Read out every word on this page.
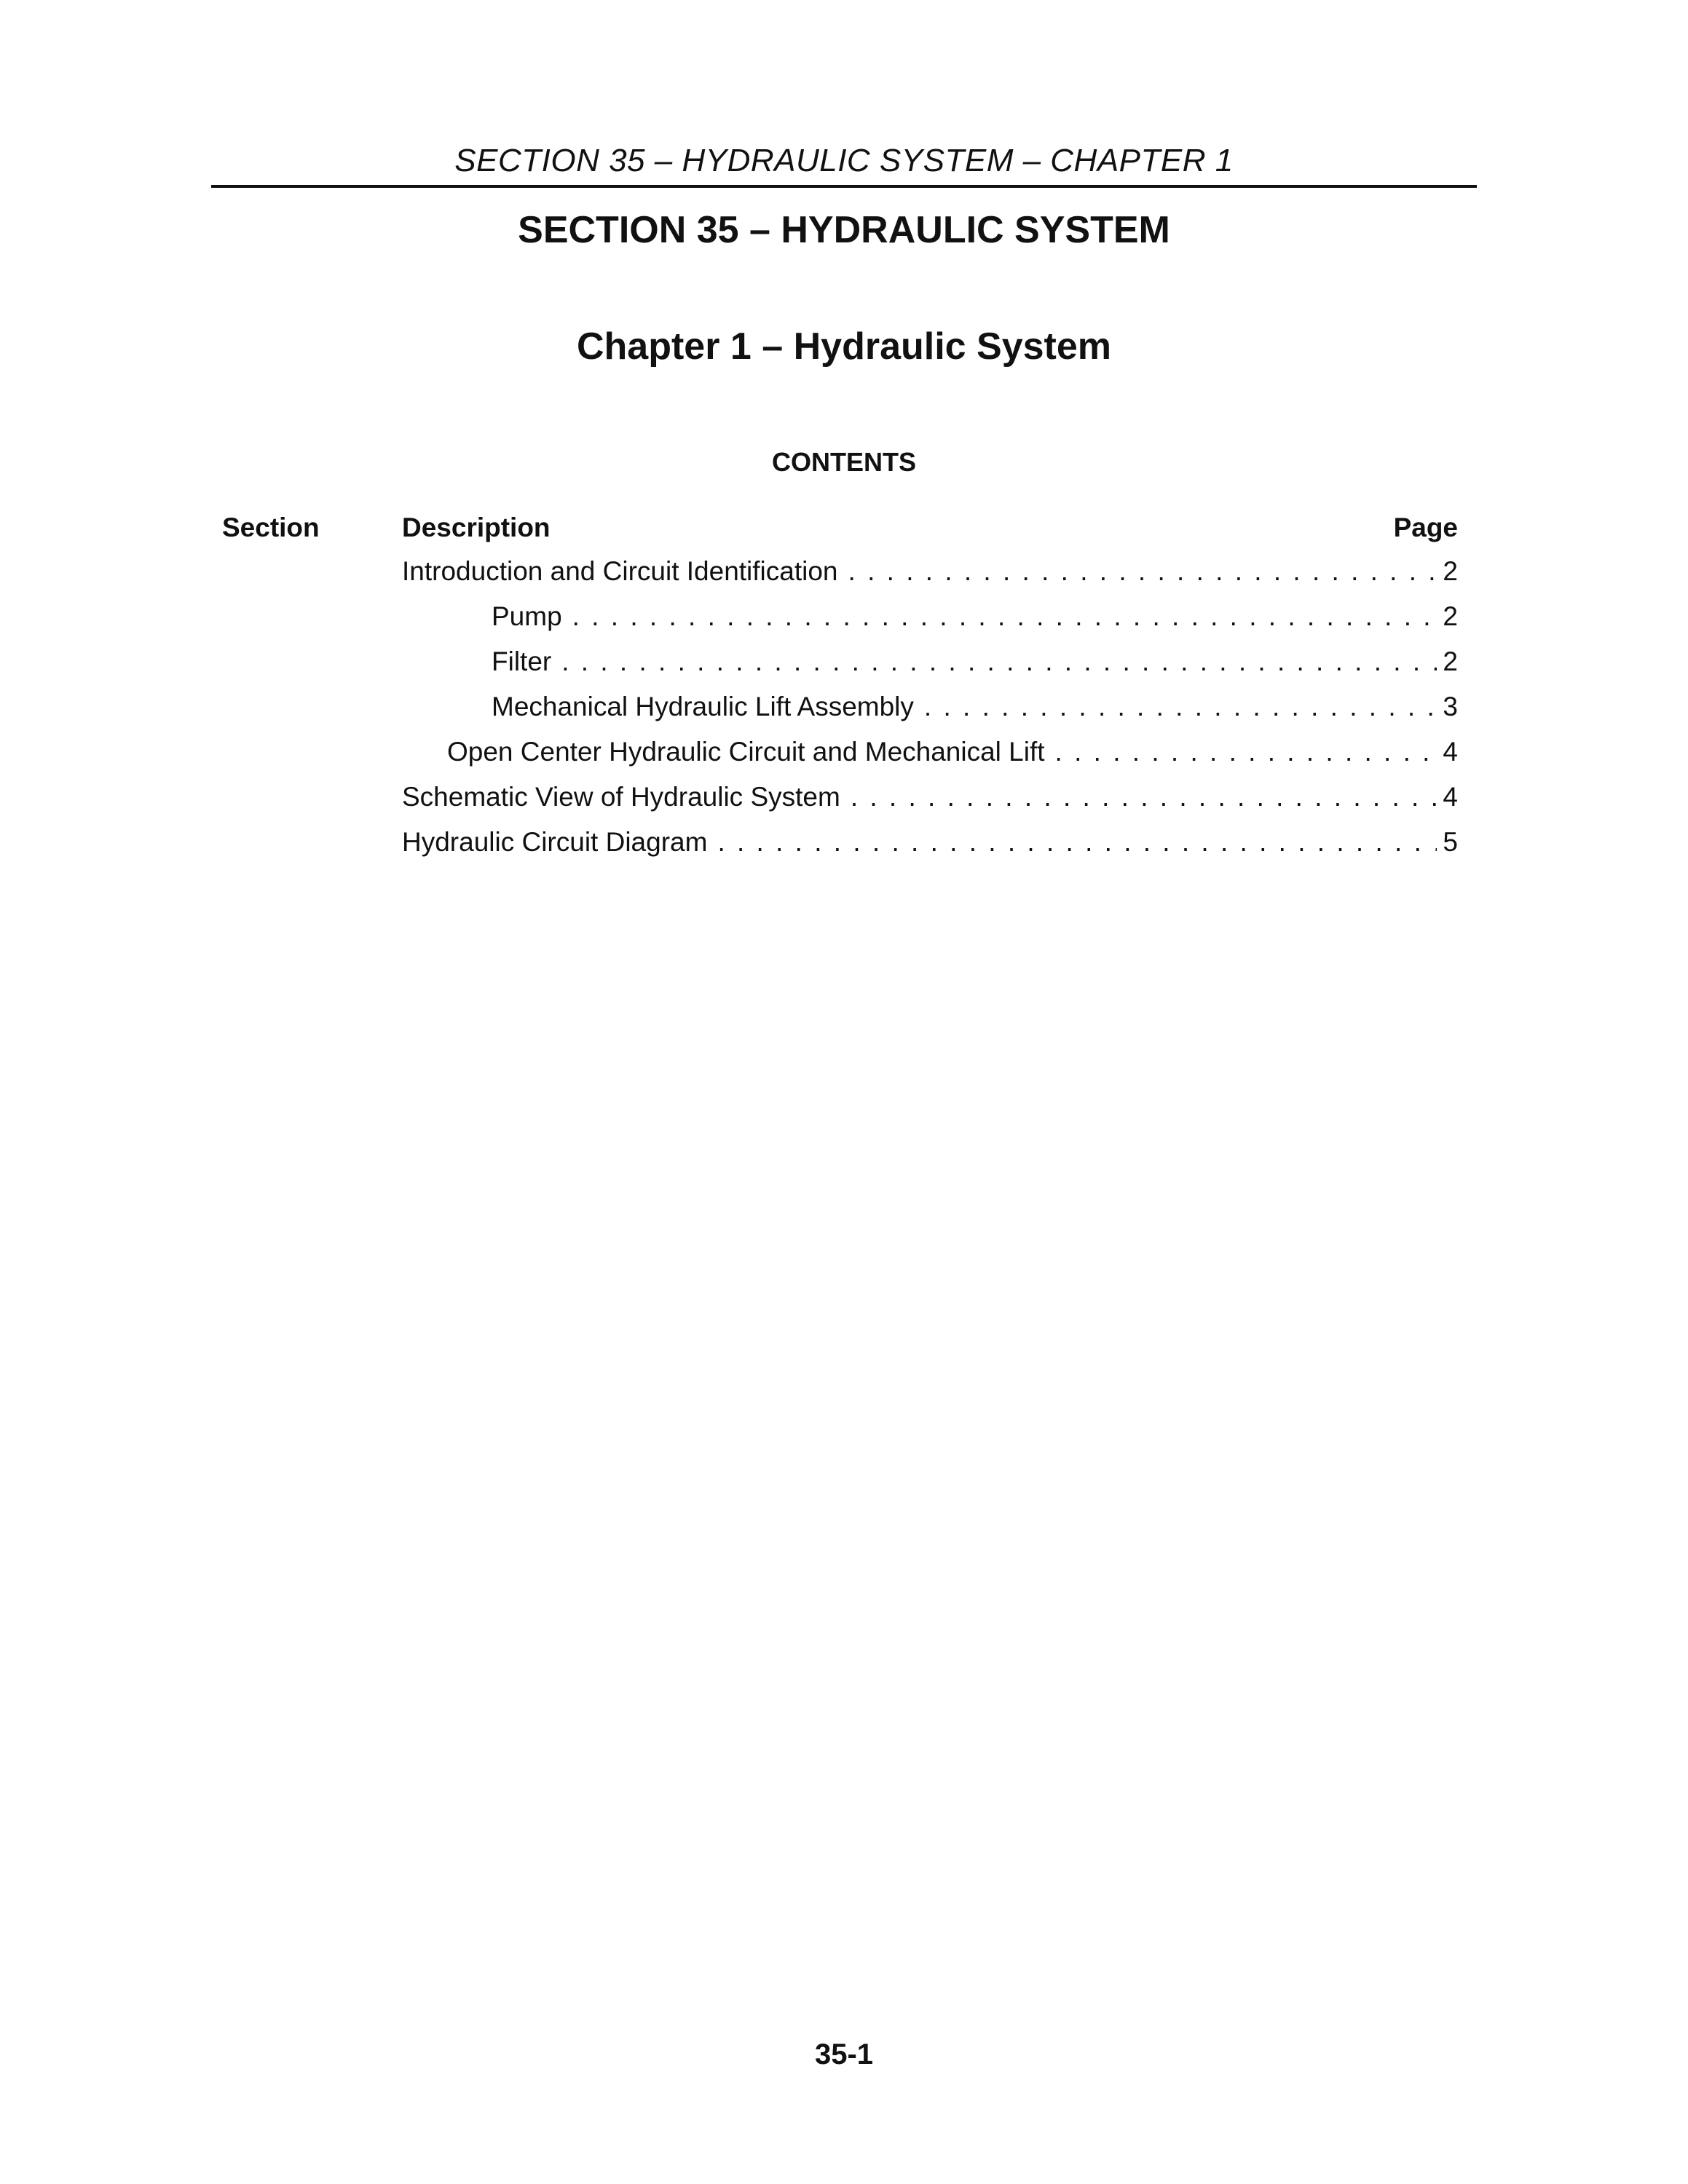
SECTION 35 – HYDRAULIC SYSTEM – CHAPTER 1
SECTION 35 – HYDRAULIC SYSTEM
Chapter 1 – Hydraulic System
CONTENTS
Section	Description	Page
Introduction and Circuit Identification . . .	2
Pump . . .	2
Filter . . .	2
Mechanical Hydraulic Lift Assembly . . .	3
Open Center Hydraulic Circuit and Mechanical Lift . . .	4
Schematic View of Hydraulic System . . .	4
Hydraulic Circuit Diagram . . .	5
35-1
